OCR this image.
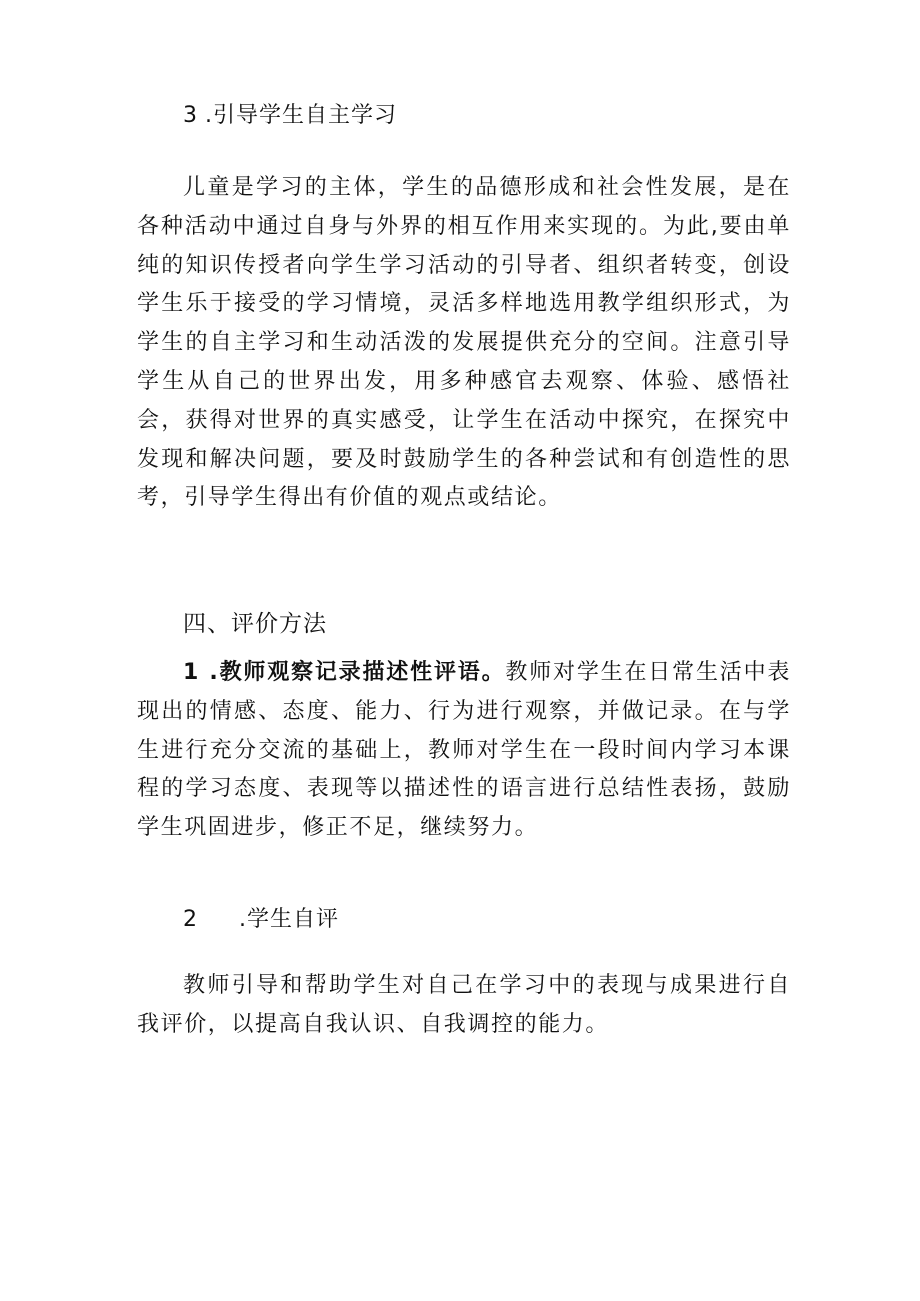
3 .引导学生自主学习

儿童是学习的主体，学生的品德形成和社会性发展，是在各种活动中通过自身与外界的相互作用来实现的。为此,要由单纯的知识传授者向学生学习活动的引导者、组织者转变，创设学生乐于接受的学习情境，灵活多样地选用教学组织形式，为学生的自主学习和生动活泼的发展提供充分的空间。注意引导学生从自己的世界出发，用多种感官去观察、体验、感悟社会，获得对世界的真实感受，让学生在活动中探究，在探究中发现和解决问题，要及时鼓励学生的各种尝试和有创造性的思考，引导学生得出有价值的观点或结论。

四、评价方法

1 .教师观察记录描述性评语。教师对学生在日常生活中表现出的情感、态度、能力、行为进行观察，并做记录。在与学生进行充分交流的基础上，教师对学生在一段时间内学习本课程的学习态度、表现等以描述性的语言进行总结性表扬，鼓励学生巩固进步，修正不足，继续努力。

2 .学生自评

教师引导和帮助学生对自己在学习中的表现与成果进行自我评价，以提高自我认识、自我调控的能力。
